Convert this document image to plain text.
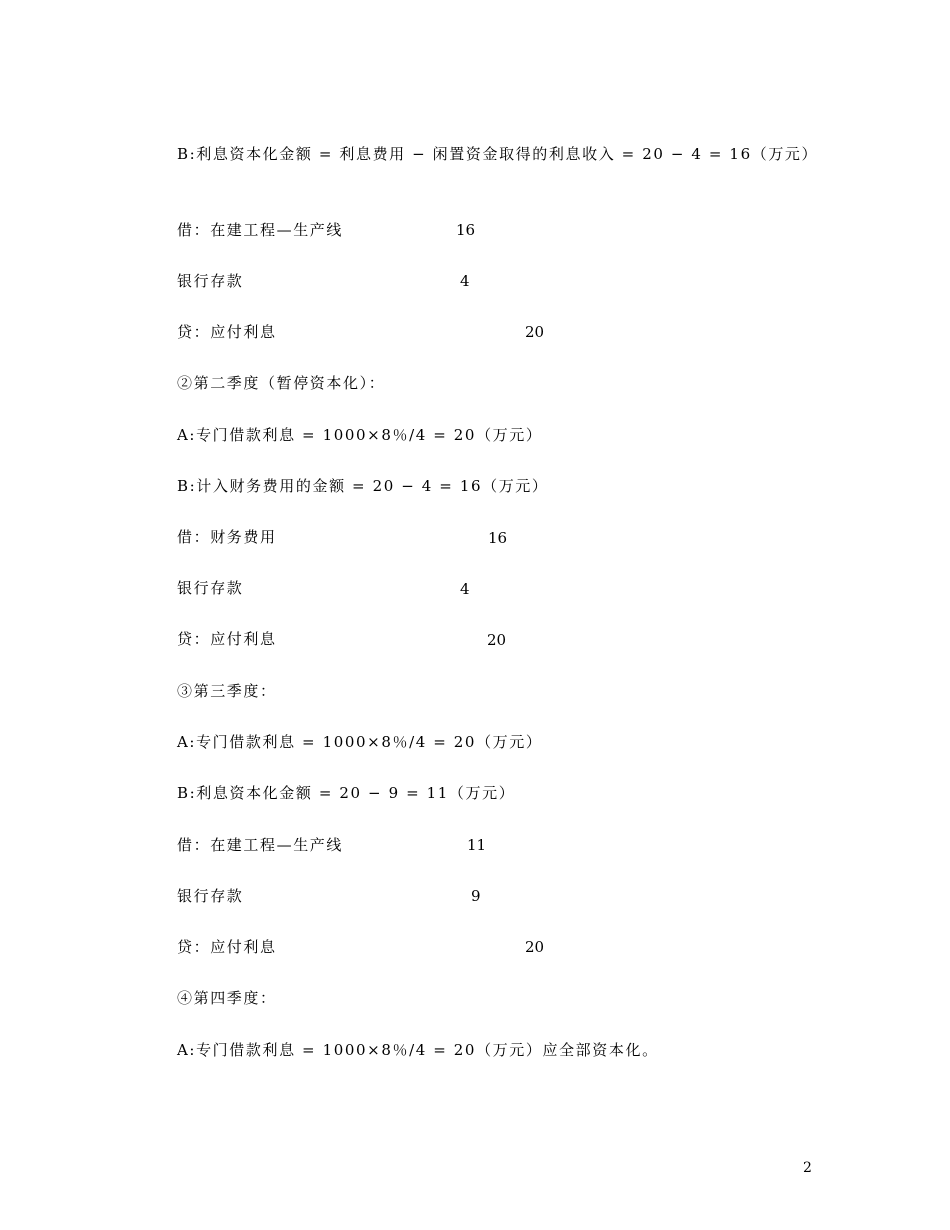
B:利息资本化金额 = 利息费用 − 闲置资金取得的利息收入 = 20 − 4 = 16（万元）
借：在建工程—生产线	16
银行存款	4
贷：应付利息	20
②第二季度（暂停资本化）：
A:专门借款利息 = 1000×8％/4 = 20（万元）
B:计入财务费用的金额 = 20 − 4 = 16（万元）
借：财务费用	16
银行存款	4
贷：应付利息	20
③第三季度：
A:专门借款利息 = 1000×8％/4 = 20（万元）
B:利息资本化金额 = 20 − 9 = 11（万元）
借：在建工程—生产线	11
银行存款	9
贷：应付利息	20
④第四季度：
A:专门借款利息 = 1000×8％/4 = 20（万元）应全部资本化。
2
